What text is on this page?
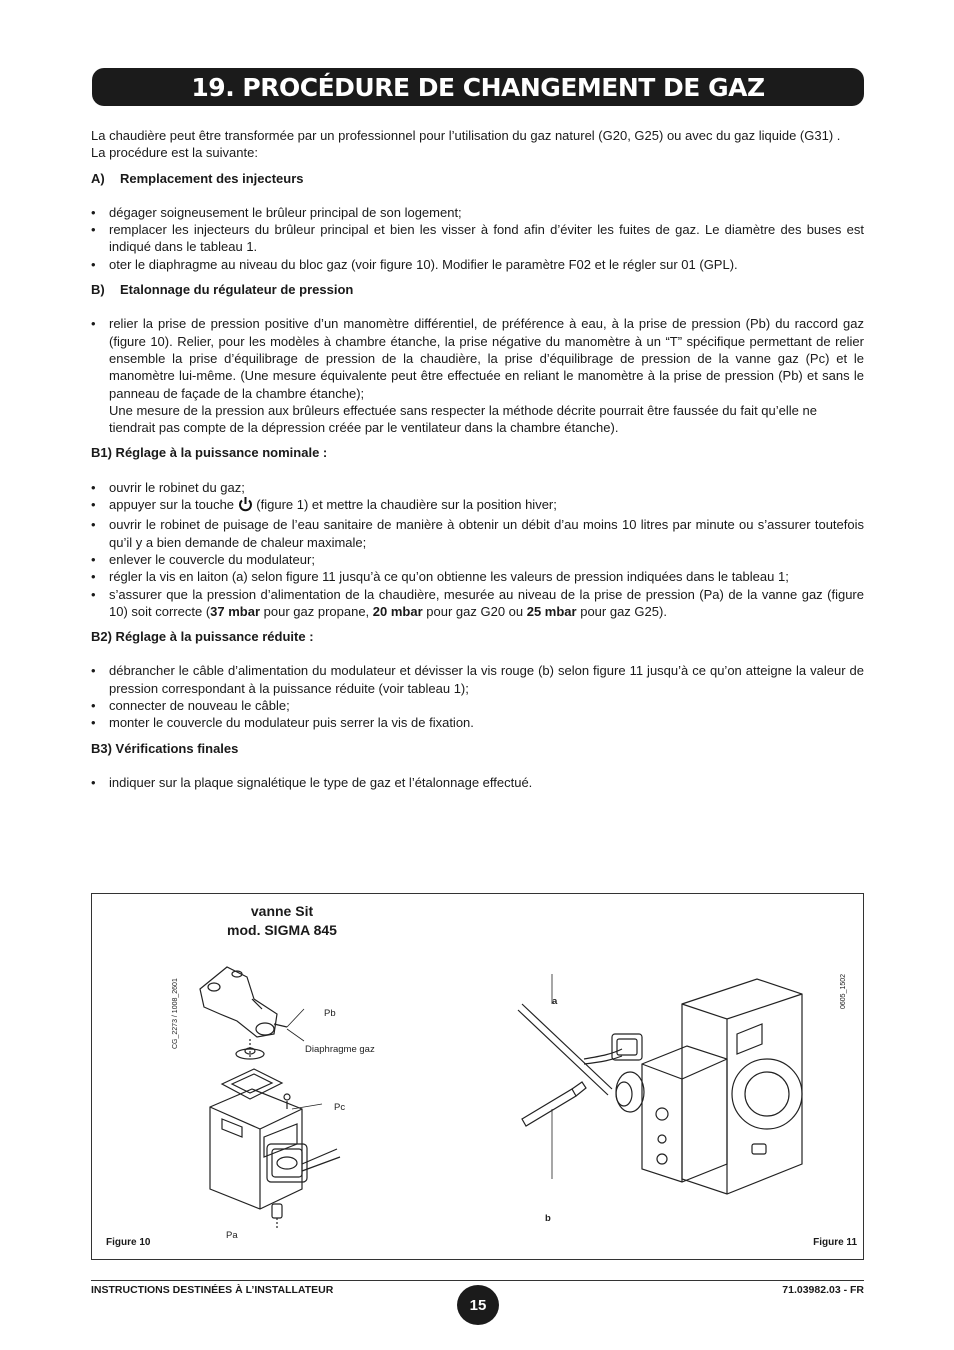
19. PROCÉDURE DE CHANGEMENT DE GAZ

La chaudière peut être transformée par un professionnel pour l’utilisation du gaz naturel (G20, G25) ou avec du gaz liquide (G31) .

La procédure est la suivante:

A) Remplacement des injecteurs

• dégager soigneusement le brûleur principal de son logement;
• remplacer les injecteurs du brûleur principal et bien les visser à fond afin d’éviter les fuites de gaz. Le diamètre des buses est indiqué dans le tableau 1.
• oter le diaphragme au niveau du bloc gaz (voir figure 10). Modifier le paramètre F02 et le régler sur 01 (GPL).

B) Etalonnage du régulateur de pression

• relier la prise de pression positive d’un manomètre différentiel, de préférence à eau, à la prise de pression (Pb) du raccord gaz (figure 10). Relier, pour les modèles à chambre étanche, la prise négative du manomètre à un “T” spécifique permettant de relier ensemble la prise d’équilibrage de pression de la chaudière, la prise d’équilibrage de pression de la vanne gaz (Pc) et le manomètre lui-même. (Une mesure équivalente peut être effectuée en reliant le manomètre à la prise de pression (Pb) et sans le panneau de façade de la chambre étanche);

Une mesure de la pression aux brûleurs effectuée sans respecter la méthode décrite pourrait être faussée du fait qu’elle ne tiendrait pas compte de la dépression créée par le ventilateur dans la chambre étanche).

B1) Réglage à la puissance nominale :

• ouvrir le robinet du gaz;
• appuyer sur la touche (figure 1) et mettre la chaudière sur la position hiver;
• ouvrir le robinet de puisage de l’eau sanitaire de manière à obtenir un débit d’au moins 10 litres par minute ou s’assurer toutefois qu’il y a bien demande de chaleur maximale;
• enlever le couvercle du modulateur;
• régler la vis en laiton (a) selon figure 11 jusqu’à ce qu’on obtienne les valeurs de pression indiquées dans le tableau 1;
• s’assurer que la pression d’alimentation de la chaudière, mesurée au niveau de la prise de pression (Pa) de la vanne gaz (figure 10) soit correcte (37 mbar pour gaz propane, 20 mbar pour gaz G20 ou 25 mbar pour gaz G25).

B2) Réglage à la puissance réduite :

• débrancher le câble d’alimentation du modulateur et dévisser la vis rouge (b) selon figure 11 jusqu’à ce qu’on atteigne la valeur de pression correspondant à la puissance réduite (voir tableau 1);
• connecter de nouveau le câble;
• monter le couvercle du modulateur puis serrer la vis de fixation.

B3) Vérifications finales

• indiquer sur la plaque signalétique le type de gaz et l’étalonnage effectué.
vanne Sit
mod. SIGMA 845
CG_2273 / 1008_2601	0605_1502
Pb
Diaphragme gaz
Pc
Pa
a
b
Figure 10	Figure 11
INSTRUCTIONS DESTINÉES À L’INSTALLATEUR
15
71.03982.03 - FR
